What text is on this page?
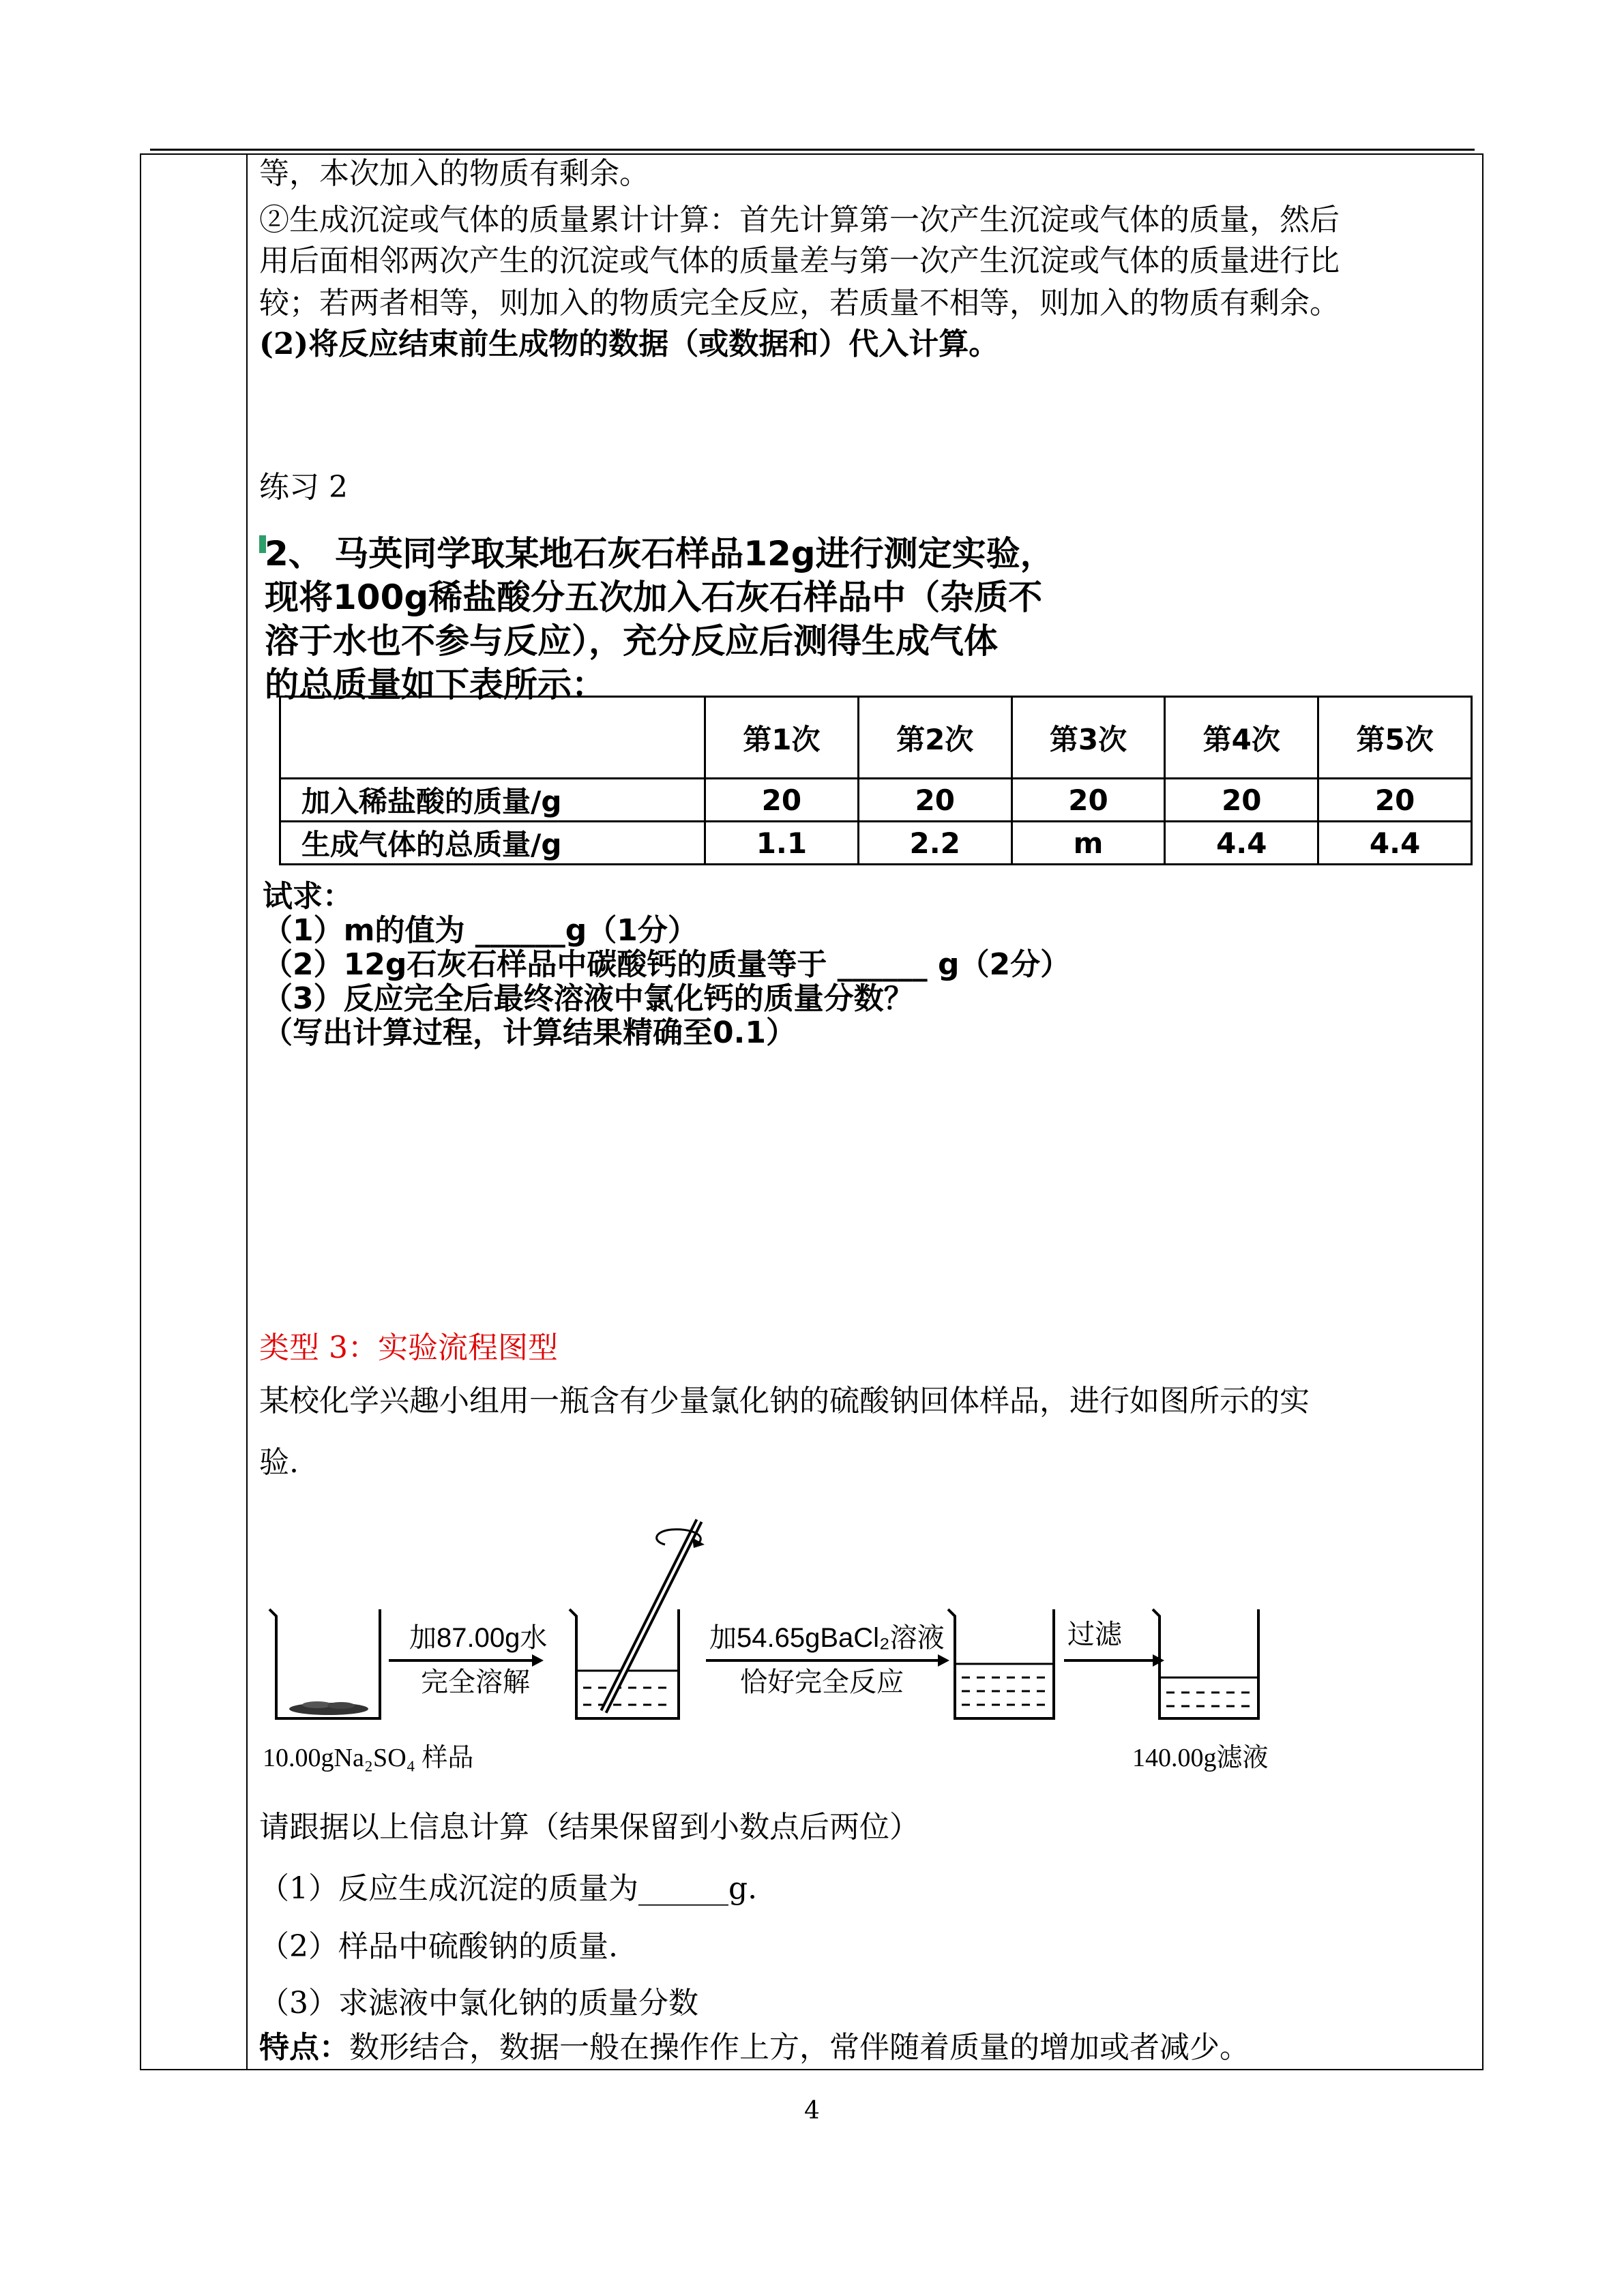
等，本次加入的物质有剩余。
②生成沉淀或气体的质量累计计算：首先计算第一次产生沉淀或气体的质量，然后
用后面相邻两次产生的沉淀或气体的质量差与第一次产生沉淀或气体的质量进行比
较；若两者相等，则加入的物质完全反应，若质量不相等，则加入的物质有剩余。
(2)将反应结束前生成物的数据（或数据和）代入计算。
练习 2
2、 马英同学取某地石灰石样品12g进行测定实验，
现将100g稀盐酸分五次加入石灰石样品中（杂质不
溶于水也不参与反应），充分反应后测得生成气体
的总质量如下表所示：
	第1次	第2次	第3次	第4次	第5次
加入稀盐酸的质量/g	20	20	20	20	20
生成气体的总质量/g	1.1	2.2	m	4.4	4.4
试求：
（1）m的值为 ______g（1分）
（2）12g石灰石样品中碳酸钙的质量等于 ______ g（2分）
（3）反应完全后最终溶液中氯化钙的质量分数？
（写出计算过程，计算结果精确至0.1）
类型 3：实验流程图型
某校化学兴趣小组用一瓶含有少量氯化钠的硫酸钠回体样品，进行如图所示的实
验.
加87.00g水
完全溶解
加54.65gBaCl₂溶液
恰好完全反应
过滤
10.00gNa₂SO₄ 样品	140.00g滤液
请跟据以上信息计算（结果保留到小数点后两位）
（1）反应生成沉淀的质量为______g.
（2）样品中硫酸钠的质量.
（3）求滤液中氯化钠的质量分数
特点：数形结合，数据一般在操作作上方，常伴随着质量的增加或者减少。
4
